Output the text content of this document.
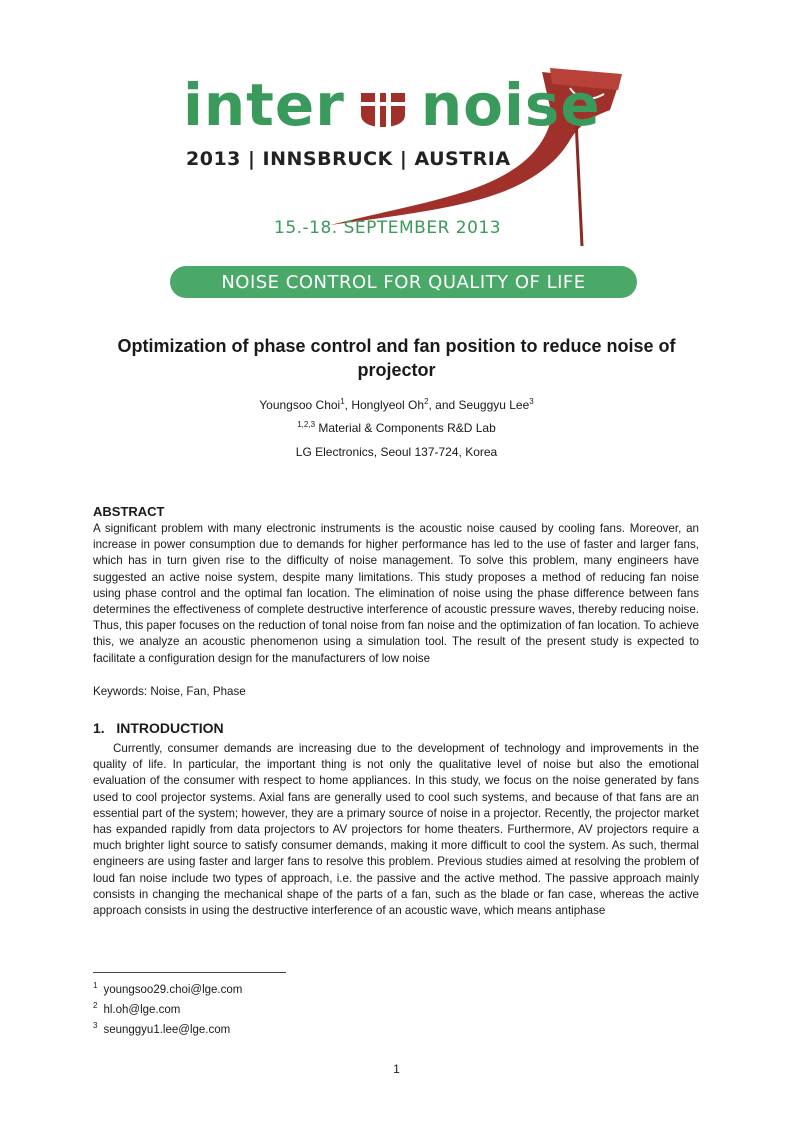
inter noise
2013 | INNSBRUCK | AUSTRIA
15.-18. SEPTEMBER 2013
NOISE CONTROL FOR QUALITY OF LIFE
Optimization of phase control and fan position to reduce noise of projector
Youngsoo Choi$^1$, Honglyeol Oh$^2$, and Seuggyu Lee$^3$
$^{1,2,3}$ Material & Components R&D Lab
LG Electronics, Seoul 137-724, Korea
ABSTRACT
A significant problem with many electronic instruments is the acoustic noise caused by cooling fans. Moreover, an increase in power consumption due to demands for higher performance has led to the use of faster and larger fans, which has in turn given rise to the difficulty of noise management. To solve this problem, many engineers have suggested an active noise system, despite many limitations. This study proposes a method of reducing fan noise using phase control and the optimal fan location. The elimination of noise using the phase difference between fans determines the effectiveness of complete destructive interference of acoustic pressure waves, thereby reducing noise. Thus, this paper focuses on the reduction of tonal noise from fan noise and the optimization of fan location. To achieve this, we analyze an acoustic phenomenon using a simulation tool. The result of the present study is expected to facilitate a configuration design for the manufacturers of low noise
Keywords: Noise, Fan, Phase
1.   INTRODUCTION
Currently, consumer demands are increasing due to the development of technology and improvements in the quality of life. In particular, the important thing is not only the qualitative level of noise but also the emotional evaluation of the consumer with respect to home appliances. In this study, we focus on the noise generated by fans used to cool projector systems. Axial fans are generally used to cool such systems, and because of that fans are an essential part of the system; however, they are a primary source of noise in a projector. Recently, the projector market has expanded rapidly from data projectors to AV projectors for home theaters. Furthermore, AV projectors require a much brighter light source to satisfy consumer demands, making it more difficult to cool the system. As such, thermal engineers are using faster and larger fans to resolve this problem. Previous studies aimed at resolving the problem of loud fan noise include two types of approach, i.e. the passive and the active method. The passive approach mainly consists in changing the mechanical shape of the parts of a fan, such as the blade or fan case, whereas the active approach consists in using the destructive interference of an acoustic wave, which means antiphase
$^1$ youngsoo29.choi@lge.com
$^2$ hl.oh@lge.com
$^3$ seunggyu1.lee@lge.com
1
